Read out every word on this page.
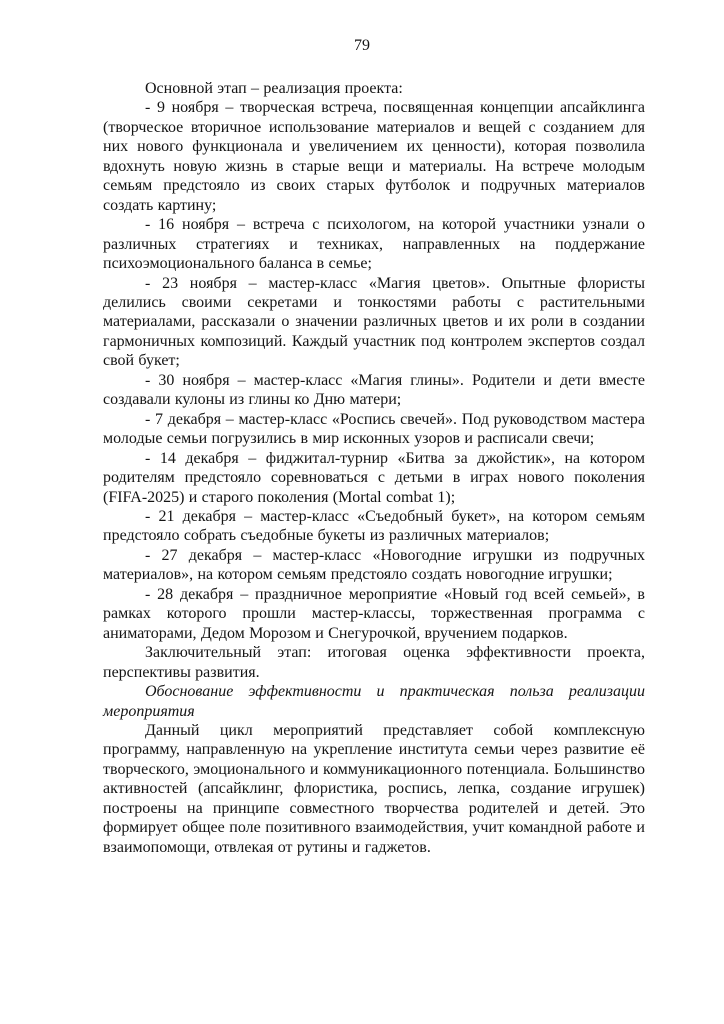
79

Основной этап – реализация проекта:

- 9 ноября – творческая встреча, посвященная концепции апсайклинга (творческое вторичное использование материалов и вещей с созданием для них нового функционала и увеличением их ценности), которая позволила вдохнуть новую жизнь в старые вещи и материалы. На встрече молодым семьям предстояло из своих старых футболок и подручных материалов создать картину;

- 16 ноября – встреча с психологом, на которой участники узнали о различных стратегиях и техниках, направленных на поддержание психоэмоционального баланса в семье;

- 23 ноября – мастер-класс «Магия цветов». Опытные флористы делились своими секретами и тонкостями работы с растительными материалами, рассказали о значении различных цветов и их роли в создании гармоничных композиций. Каждый участник под контролем экспертов создал свой букет;

- 30 ноября – мастер-класс «Магия глины». Родители и дети вместе создавали кулоны из глины ко Дню матери;

- 7 декабря – мастер-класс «Роспись свечей». Под руководством мастера молодые семьи погрузились в мир исконных узоров и расписали свечи;

- 14 декабря – фиджитал-турнир «Битва за джойстик», на котором родителям предстояло соревноваться с детьми в играх нового поколения (FIFA-2025) и старого поколения (Mortal combat 1);

- 21 декабря – мастер-класс «Съедобный букет», на котором семьям предстояло собрать съедобные букеты из различных материалов;

- 27 декабря – мастер-класс «Новогодние игрушки из подручных материалов», на котором семьям предстояло создать новогодние игрушки;

- 28 декабря – праздничное мероприятие «Новый год всей семьей», в рамках которого прошли мастер-классы, торжественная программа с аниматорами, Дедом Морозом и Снегурочкой, вручением подарков.

Заключительный этап: итоговая оценка эффективности проекта, перспективы развития.

Обоснование эффективности и практическая польза реализации мероприятия

Данный цикл мероприятий представляет собой комплексную программу, направленную на укрепление института семьи через развитие её творческого, эмоционального и коммуникационного потенциала. Большинство активностей (апсайклинг, флористика, роспись, лепка, создание игрушек) построены на принципе совместного творчества родителей и детей. Это формирует общее поле позитивного взаимодействия, учит командной работе и взаимопомощи, отвлекая от рутины и гаджетов.
